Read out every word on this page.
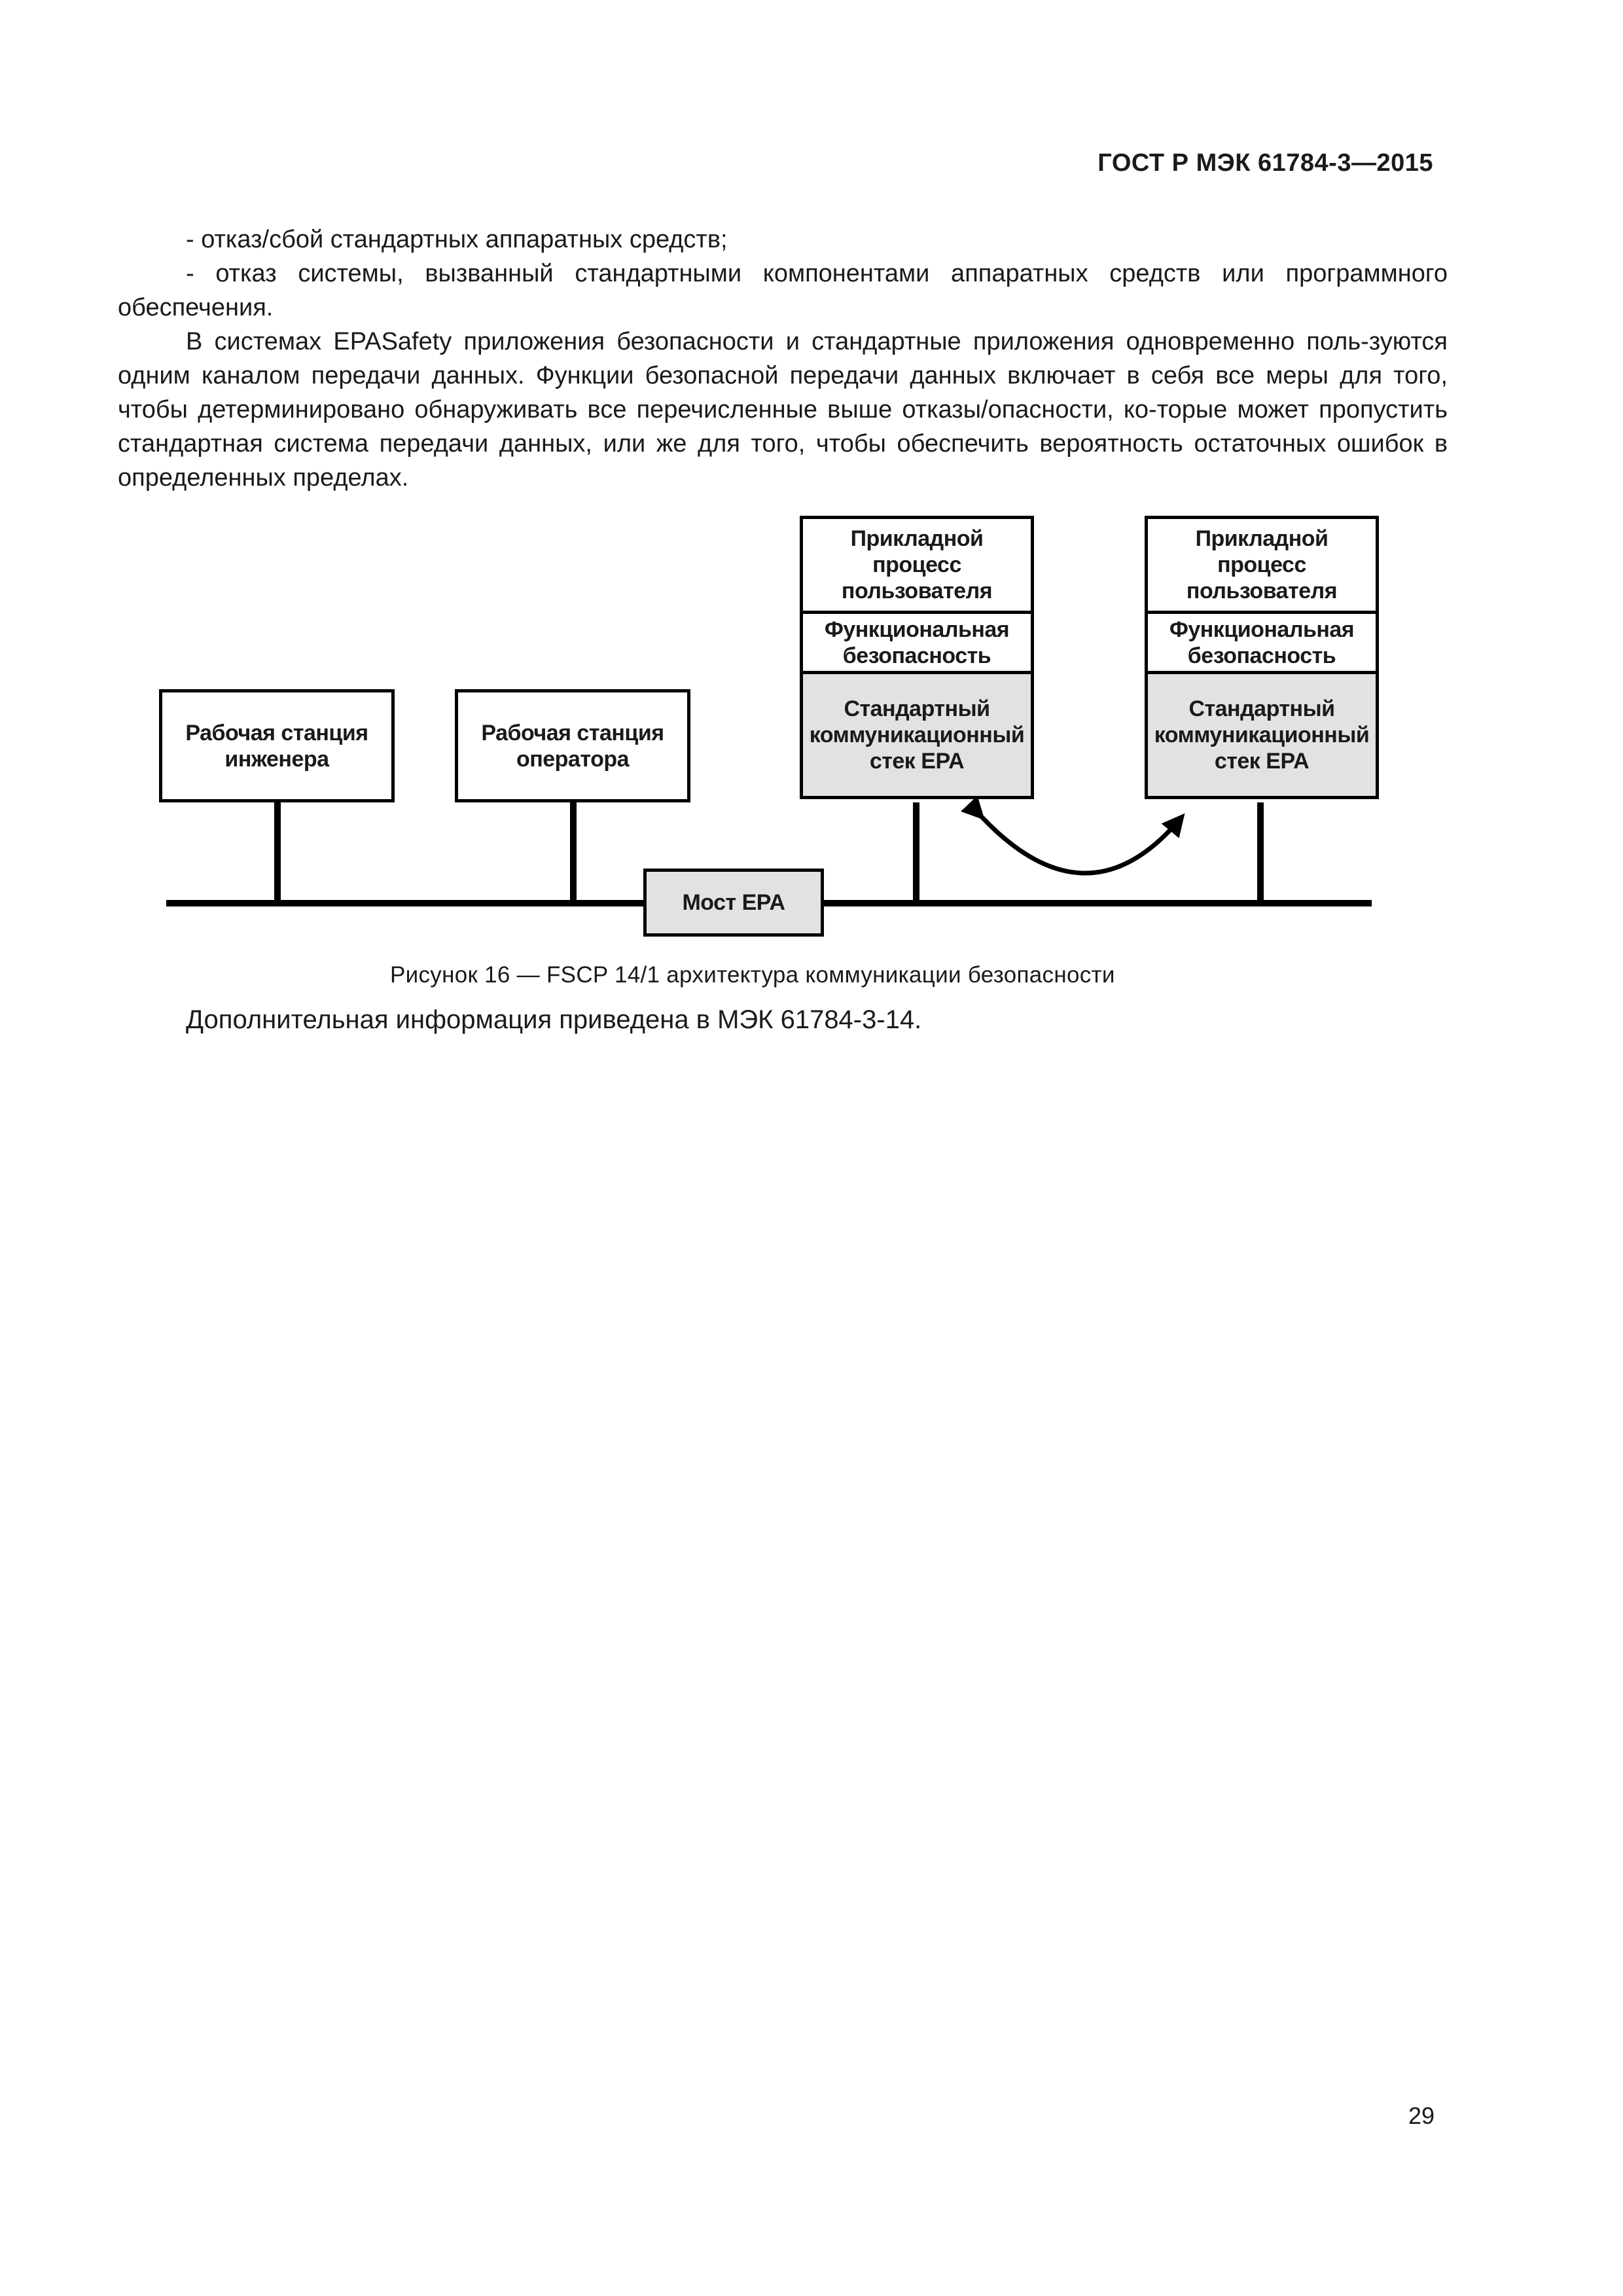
ГОСТ Р МЭК 61784-3—2015

- отказ/сбой стандартных аппаратных средств;

- отказ системы, вызванный стандартными компонентами аппаратных средств или программного обеспечения.

В системах EPASafety приложения безопасности и стандартные приложения одновременно поль-зуются одним каналом передачи данных. Функции безопасной передачи данных включает в себя все меры для того, чтобы детерминировано обнаруживать все перечисленные выше отказы/опасности, ко-торые может пропустить стандартная система передачи данных, или же для того, чтобы обеспечить вероятность остаточных ошибок в определенных пределах.

Рабочая станция
инженера
Рабочая станция
оператора
Прикладной
процесс
пользователя
Функциональная
безопасность
Стандартный
коммуникационный
стек EPA
Прикладной
процесс
пользователя
Функциональная
безопасность
Стандартный
коммуникационный
стек EPA
Мост EPA
Рисунок 16 — FSCP 14/1 архитектура коммуникации безопасности
Дополнительная информация приведена в МЭК 61784-3-14.
29
